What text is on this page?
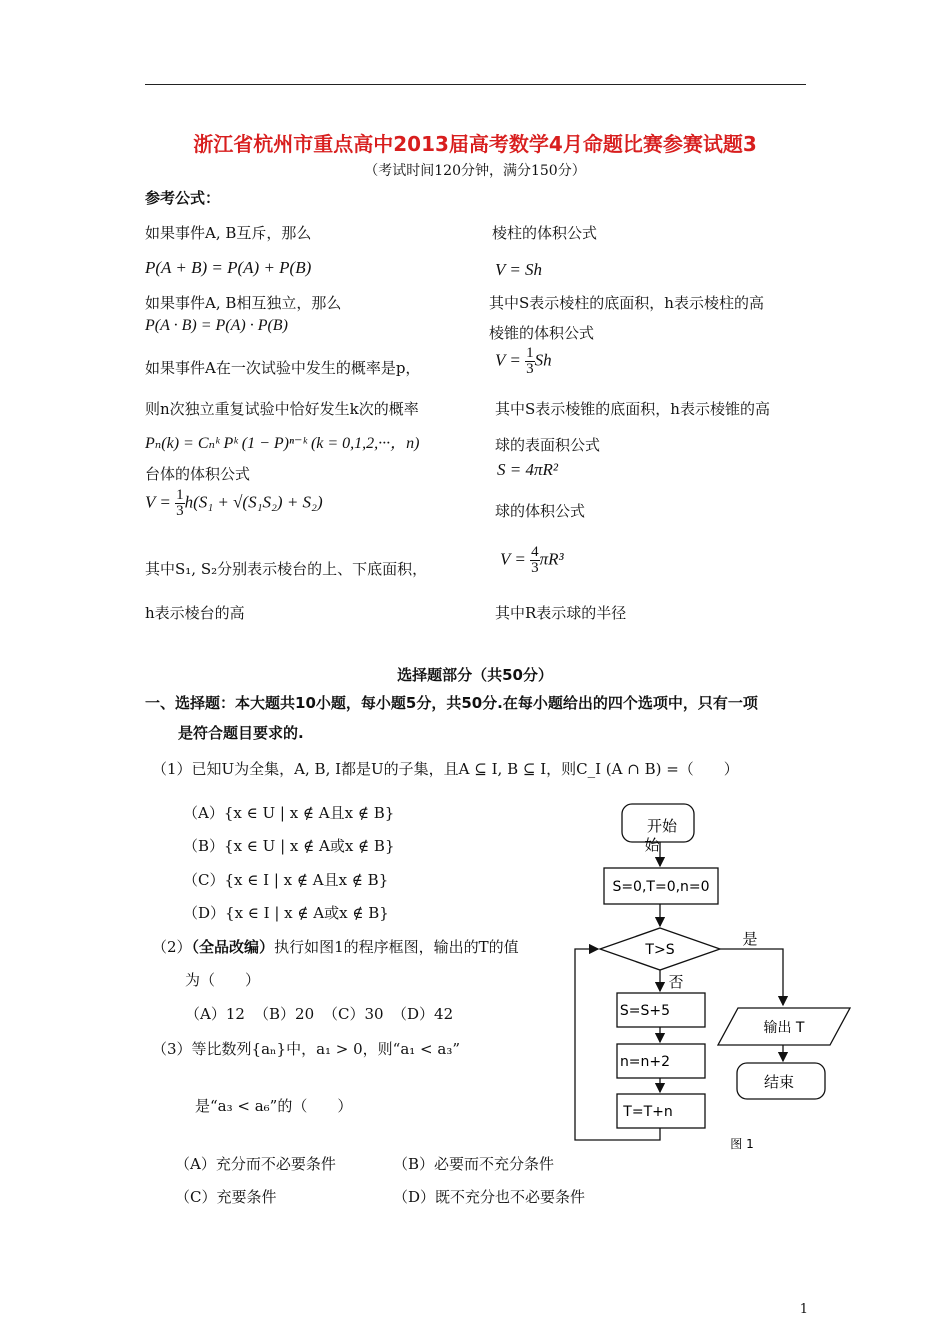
浙江省杭州市重点高中2013届高考数学4月命题比赛参赛试题3
（考试时间120分钟，满分150分）
参考公式：
如果事件A, B互斥，那么
P(A + B) = P(A) + P(B)
如果事件A, B相互独立，那么
P(A · B) = P(A) · P(B)
如果事件A在一次试验中发生的概率是p，
则n次独立重复试验中恰好发生k次的概率
Pₙ(k) = Cₙᵏ Pᵏ (1 − P)ⁿ⁻ᵏ (k = 0,1,2,···，n)
台体的体积公式
$V = \frac{1}{3} h(S_1 + √(S_1S_2) + S_2)$
其中S₁, S₂分别表示棱台的上、下底面积，
h表示棱台的高
棱柱的体积公式
V = Sh
其中S表示棱柱的底面积，h表示棱柱的高
棱锥的体积公式
$V = \frac{1}{3}$ Sh
其中S表示棱锥的底面积，h表示棱锥的高
球的表面积公式
S = 4πR²
球的体积公式
$V = \frac{4}{3} \pi R^3$
其中R表示球的半径
选择题部分（共50分）
一、选择题：本大题共10小题，每小题5分，共50分.在每小题给出的四个选项中，只有一项
是符合题目要求的.
（1）已知U为全集，A, B, I都是U的子集，且A ⊆ I, B ⊆ I，则C_I (A ∩ B) =（　　）
（A）{x ∈ U | x ∉ A且x ∉ B}
（B）{x ∈ U | x ∉ A或x ∉ B}
（C）{x ∈ I | x ∉ A且x ∉ B}
（D）{x ∈ I | x ∉ A或x ∉ B}
（2）（全品改编）执行如图1的程序框图，输出的T的值
为（　　）
（A）12 （B）20 （C）30 （D）42
（3）等比数列{aₙ}中，a₁ > 0，则“a₁ < a₃”
是“a₃ < a₆”的（　　）
（A）充分而不必要条件	（B）必要而不充分条件
（C）充要条件	（D）既不充分也不必要条件
开始
始
S=0,T=0,n=0
T>S
是
否
S=S+5
n=n+2
T=T+n
输出 T
结束
图 1
1
